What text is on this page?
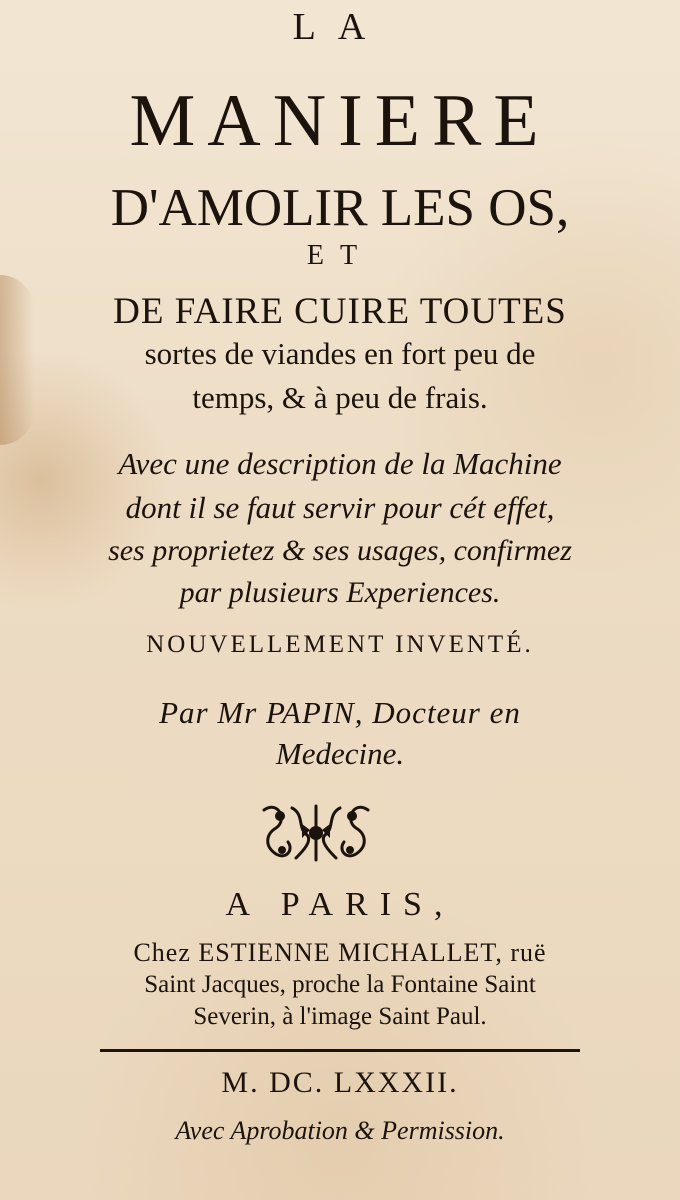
LA
MANIERE
D'AMOLIR LES OS,
ET
DE FAIRE CUIRE TOUTES
sortes de viandes en fort peu de
temps, & à peu de frais.
Avec une description de la Machine
dont il se faut servir pour cét effet,
ses proprietez & ses usages, confirmez
par plusieurs Experiences.
NOUVELLEMENT INVENTÉ.
Par Mr PAPIN, Docteur en
Medecine.
A PARIS,
Chez ESTIENNE MICHALLET, ruë
Saint Jacques, proche la Fontaine Saint
Severin, à l'image Saint Paul.
M. DC. LXXXII.
Avec Aprobation & Permission.
